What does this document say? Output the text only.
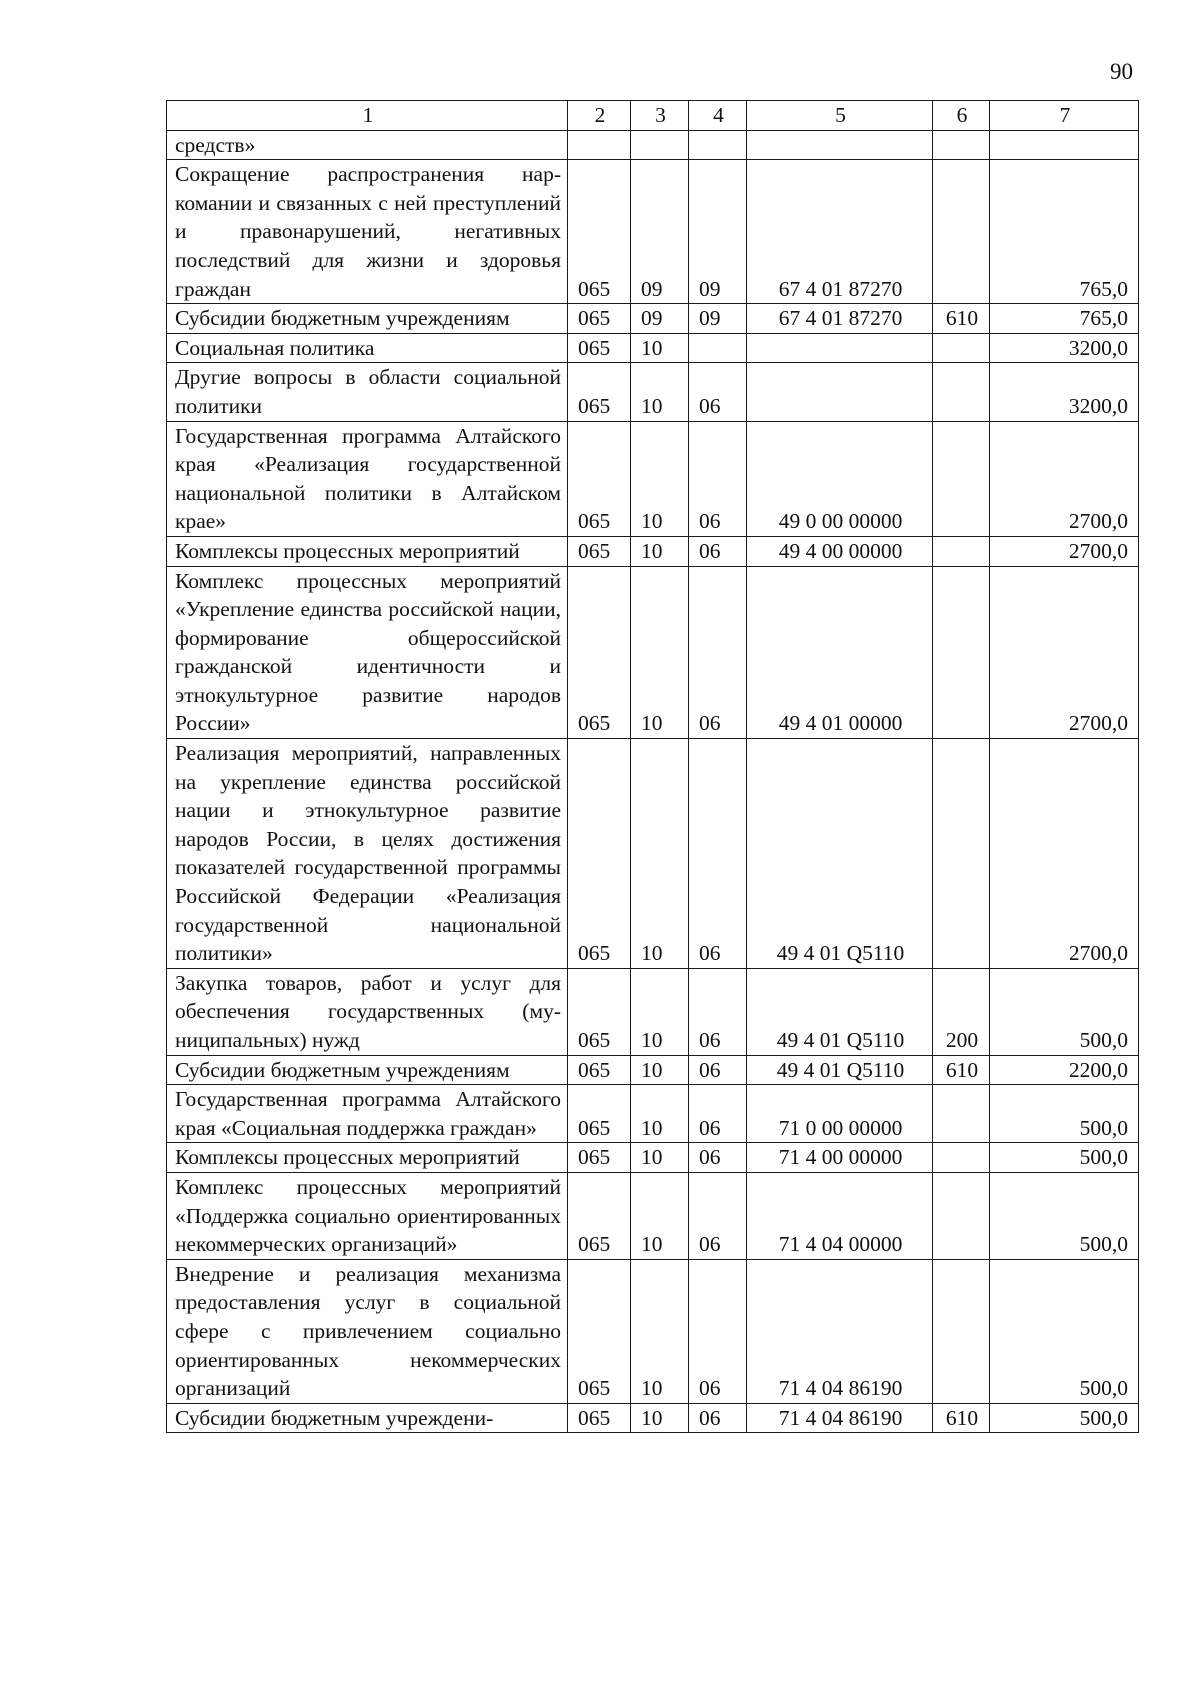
90
1	2	3	4	5	6	7
средств»						
Сокращение распространения наркомании и связанных с ней преступлений и правонарушений, негативных последствий для жизни и здоровья граждан	065	09	09	67 4 01 87270		765,0
Субсидии бюджетным учреждениям	065	09	09	67 4 01 87270	610	765,0
Социальная политика	065	10				3200,0
Другие вопросы в области социальной политики	065	10	06			3200,0
Государственная программа Алтайского края «Реализация государственной национальной политики в Алтайском крае»	065	10	06	49 0 00 00000		2700,0
Комплексы процессных мероприятий	065	10	06	49 4 00 00000		2700,0
Комплекс процессных мероприятий «Укрепление единства российской нации, формирование общероссийской гражданской идентичности и этнокультурное развитие народов России»	065	10	06	49 4 01 00000		2700,0
Реализация мероприятий, направленных на укрепление единства российской нации и этнокультурное развитие народов России, в целях достижения показателей государственной программы Российской Федерации «Реализация государственной национальной политики»	065	10	06	49 4 01 Q5110		2700,0
Закупка товаров, работ и услуг для обеспечения государственных (муниципальных) нужд	065	10	06	49 4 01 Q5110	200	500,0
Субсидии бюджетным учреждениям	065	10	06	49 4 01 Q5110	610	2200,0
Государственная программа Алтайского края «Социальная поддержка граждан»	065	10	06	71 0 00 00000		500,0
Комплексы процессных мероприятий	065	10	06	71 4 00 00000		500,0
Комплекс процессных мероприятий «Поддержка социально ориентированных некоммерческих организаций»	065	10	06	71 4 04 00000		500,0
Внедрение и реализация механизма предоставления услуг в социальной сфере с привлечением социально ориентированных некоммерческих организаций	065	10	06	71 4 04 86190		500,0
Субсидии бюджетным учреждени-	065	10	06	71 4 04 86190	610	500,0
